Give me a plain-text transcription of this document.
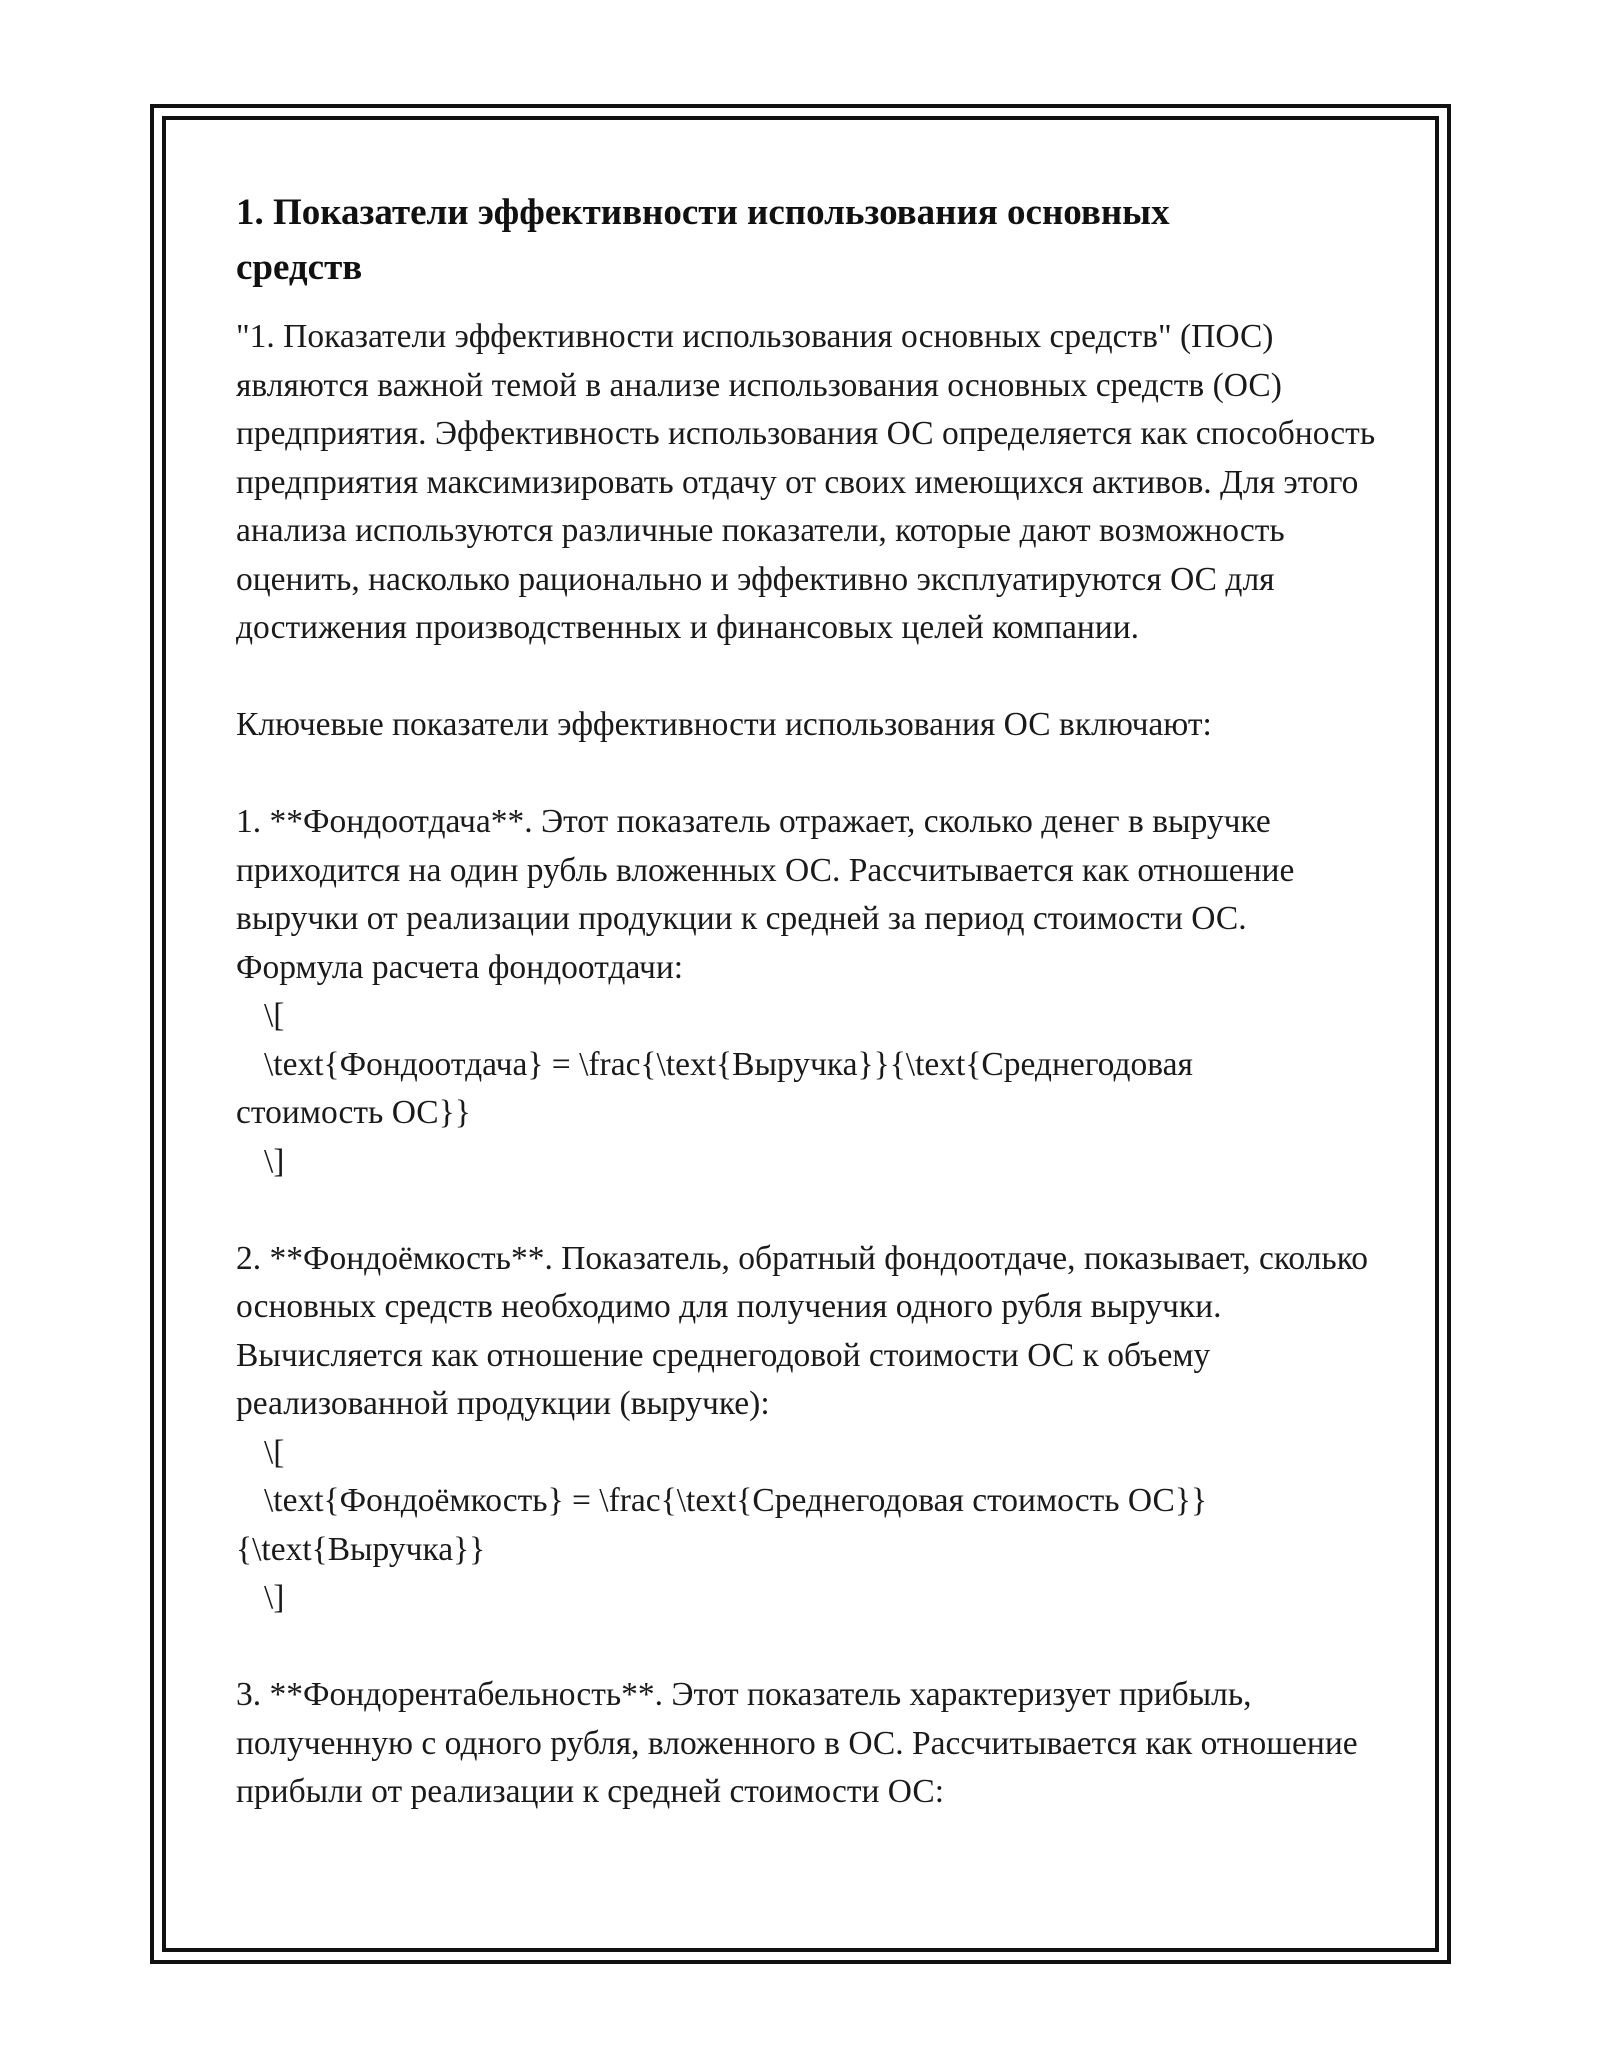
1. Показатели эффективности использования основных
средств

"1. Показатели эффективности использования основных средств" (ПОС) являются важной темой в анализе использования основных средств (ОС) предприятия. Эффективность использования ОС определяется как способность предприятия максимизировать отдачу от своих имеющихся активов. Для этого анализа используются различные показатели, которые дают возможность оценить, насколько рационально и эффективно эксплуатируются ОС для достижения производственных и финансовых целей компании.

Ключевые показатели эффективности использования ОС включают:

1. **Фондоотдача**. Этот показатель отражает, сколько денег в выручке приходится на один рубль вложенных ОС. Рассчитывается как отношение выручки от реализации продукции к средней за период стоимости ОС. Формула расчета фондоотдачи:

\[

\text{Фондоотдача} = \frac{\text{Выручка}}{\text{Среднегодовая

стоимость ОС}}

\]

2. **Фондоёмкость**. Показатель, обратный фондоотдаче, показывает, сколько основных средств необходимо для получения одного рубля выручки. Вычисляется как отношение среднегодовой стоимости ОС к объему реализованной продукции (выручке):

\[

\text{Фондоёмкость} = \frac{\text{Среднегодовая стоимость ОС}}

{\text{Выручка}}

\]

3. **Фондорентабельность**. Этот показатель характеризует прибыль, полученную с одного рубля, вложенного в ОС. Рассчитывается как отношение прибыли от реализации к средней стоимости ОС:
